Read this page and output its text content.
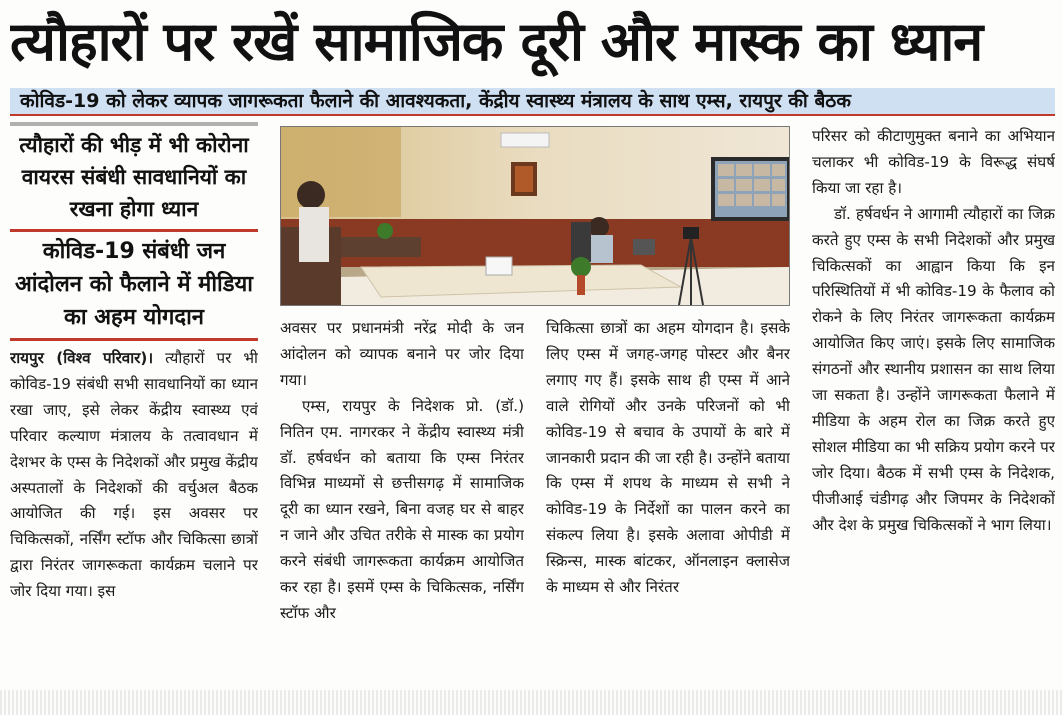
त्यौहारों पर रखें सामाजिक दूरी और मास्क का ध्यान
कोविड-19 को लेकर व्यापक जागरूकता फैलाने की आवश्यकता, केंद्रीय स्वास्थ्य मंत्रालय के साथ एम्स, रायपुर की बैठक
त्यौहारों की भीड़ में भी कोरोना वायरस संबंधी सावधानियों का रखना होगा ध्यान
कोविड-19 संबंधी जन आंदोलन को फैलाने में मीडिया का अहम योगदान

रायपुर (विश्व परिवार)। त्यौहारों पर भी कोविड-19 संबंधी सभी सावधानियों का ध्यान रखा जाए, इसे लेकर केंद्रीय स्वास्थ्य एवं परिवार कल्याण मंत्रालय के तत्वावधान में देशभर के एम्स के निदेशकों और प्रमुख केंद्रीय अस्पतालों के निदेशकों की वर्चुअल बैठक आयोजित की गई। इस अवसर पर चिकित्सकों, नर्सिंग स्टॉफ और चिकित्सा छात्रों द्वारा निरंतर जागरूकता कार्यक्रम चलाने पर जोर दिया गया। इस

अवसर पर प्रधानमंत्री नरेंद्र मोदी के जन आंदोलन को व्यापक बनाने पर जोर दिया गया।

एम्स, रायपुर के निदेशक प्रो. (डॉ.) नितिन एम. नागरकर ने केंद्रीय स्वास्थ्य मंत्री डॉ. हर्षवर्धन को बताया कि एम्स निरंतर विभिन्न माध्यमों से छत्तीसगढ़ में सामाजिक दूरी का ध्यान रखने, बिना वजह घर से बाहर न जाने और उचित तरीके से मास्क का प्रयोग करने संबंधी जागरूकता कार्यक्रम आयोजित कर रहा है। इसमें एम्स के चिकित्सक, नर्सिंग स्टॉफ और

चिकित्सा छात्रों का अहम योगदान है। इसके लिए एम्स में जगह-जगह पोस्टर और बैनर लगाए गए हैं। इसके साथ ही एम्स में आने वाले रोगियों और उनके परिजनों को भी कोविड-19 से बचाव के उपायों के बारे में जानकारी प्रदान की जा रही है। उन्होंने बताया कि एम्स में शपथ के माध्यम से सभी ने कोविड-19 के निर्देशों का पालन करने का संकल्प लिया है। इसके अलावा ओपीडी में स्क्रिन्स, मास्क बांटकर, ऑनलाइन क्लासेज के माध्यम से और निरंतर

परिसर को कीटाणुमुक्त बनाने का अभियान चलाकर भी कोविड-19 के विरूद्ध संघर्ष किया जा रहा है।

डॉ. हर्षवर्धन ने आगामी त्यौहारों का जिक्र करते हुए एम्स के सभी निदेशकों और प्रमुख चिकित्सकों का आह्वान किया कि इन परिस्थितियों में भी कोविड-19 के फैलाव को रोकने के लिए निरंतर जागरूकता कार्यक्रम आयोजित किए जाएं। इसके लिए सामाजिक संगठनों और स्थानीय प्रशासन का साथ लिया जा सकता है। उन्होंने जागरूकता फैलाने में मीडिया के अहम रोल का जिक्र करते हुए सोशल मीडिया का भी सक्रिय प्रयोग करने पर जोर दिया। बैठक में सभी एम्स के निदेशक, पीजीआई चंडीगढ़ और जिपमर के निदेशकों और देश के प्रमुख चिकित्सकों ने भाग लिया।
